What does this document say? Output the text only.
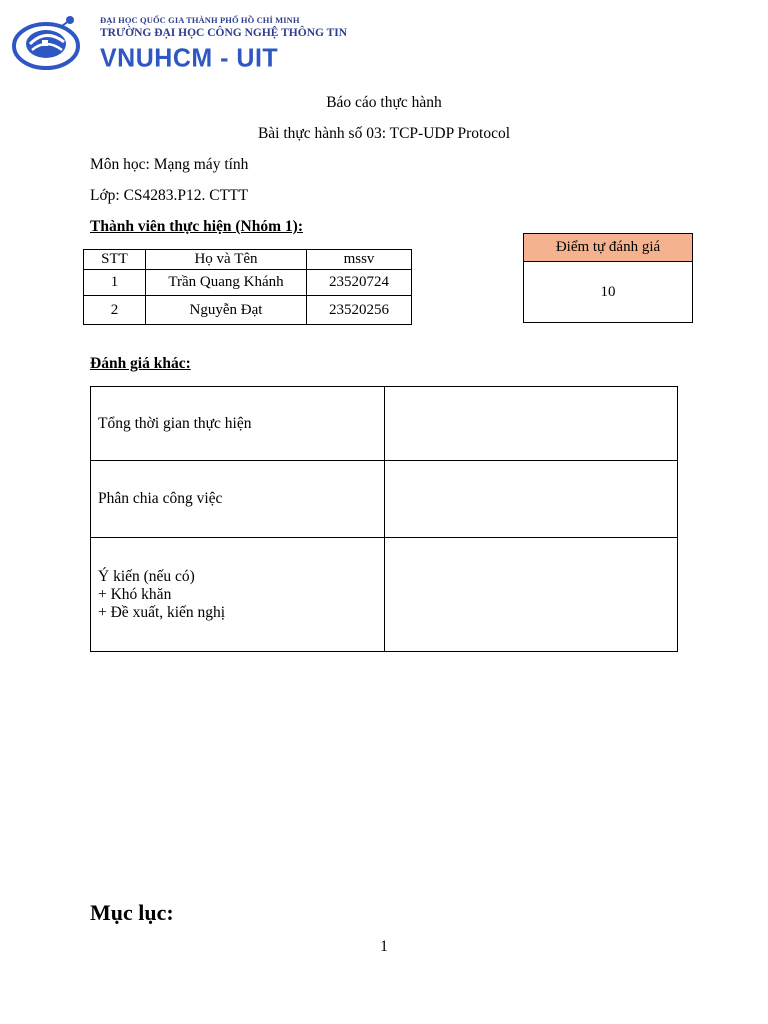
ĐẠI HỌC QUỐC GIA THÀNH PHỐ HỒ CHÍ MINH
TRƯỜNG ĐẠI HỌC CÔNG NGHỆ THÔNG TIN
VNUHCM - UIT
Báo cáo thực hành
Bài thực hành số 03: TCP-UDP Protocol
Môn học: Mạng máy tính
Lớp: CS4283.P12. CTTT
Thành viên thực hiện (Nhóm 1):
STT	Họ và Tên	mssv
1	Trần Quang Khánh	23520724
2	Nguyễn Đạt	23520256
Điểm tự đánh giá
10
Đánh giá khác:
Tổng thời gian thực hiện	
Phân chia công việc	

Ý kiến (nếu có)
+ Khó khăn
+ Đề xuất, kiến nghị	

Mục lục:
1
